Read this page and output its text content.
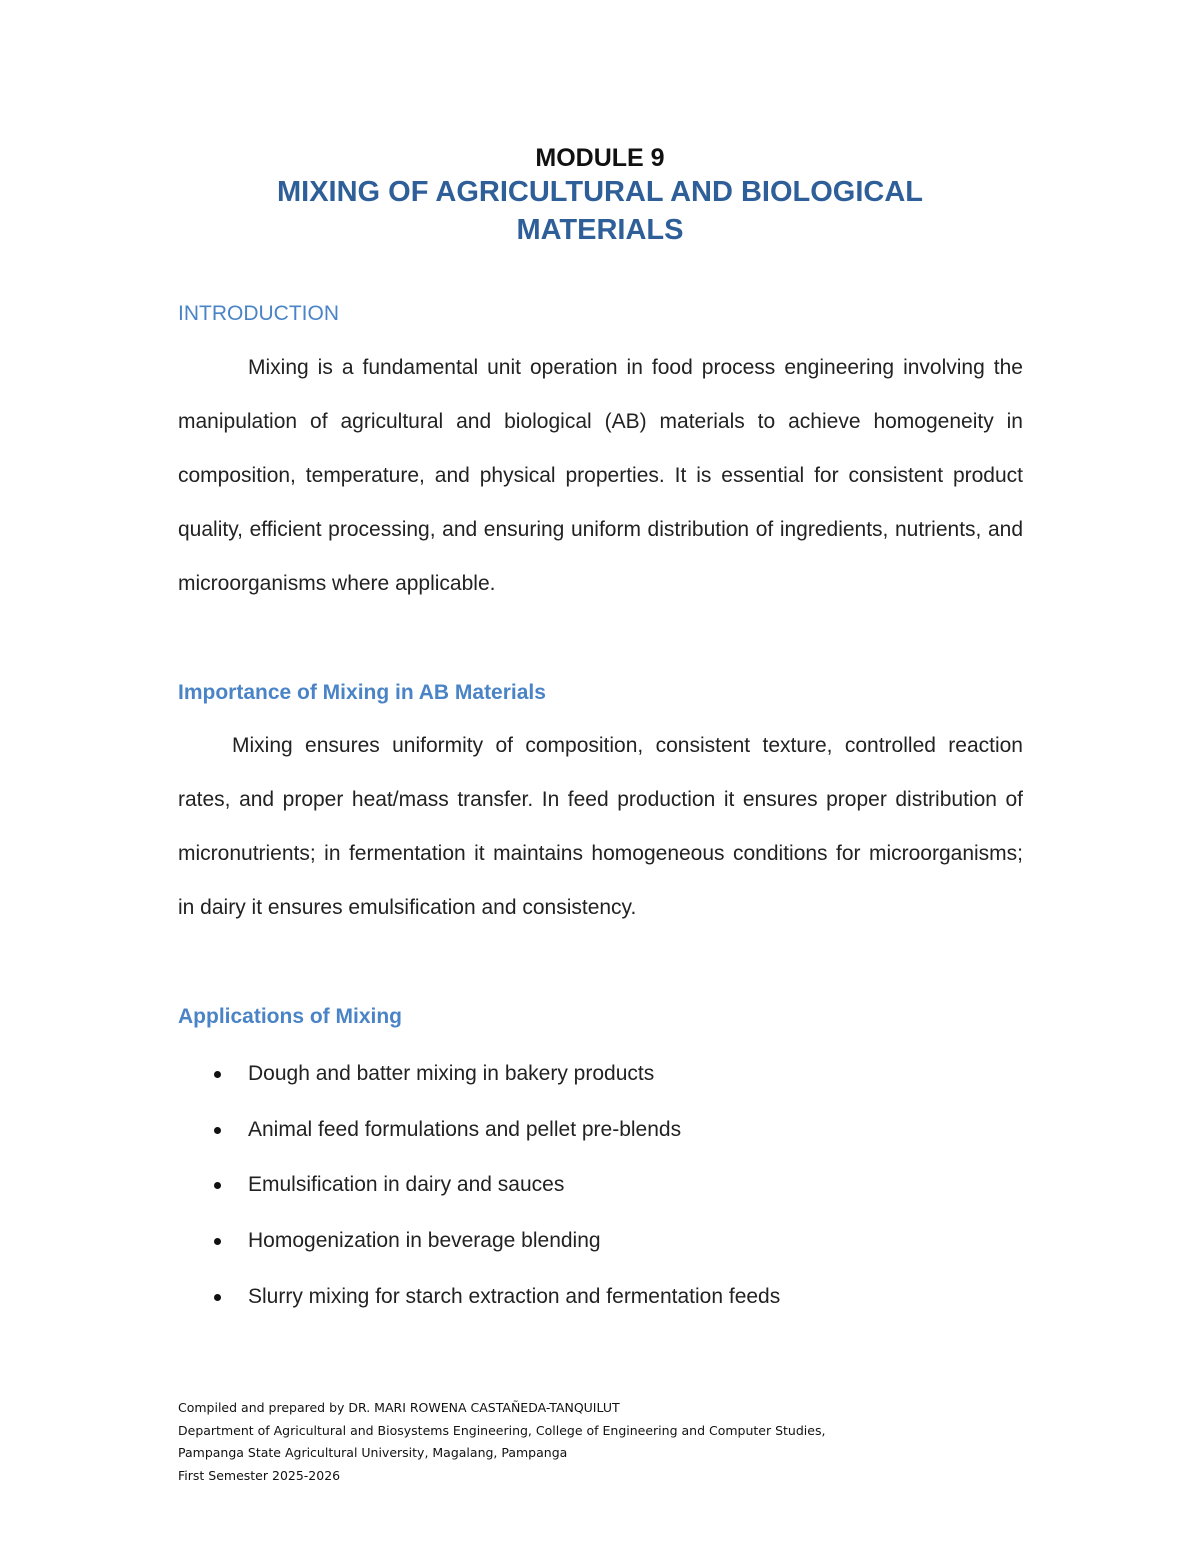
MODULE 9
MIXING OF AGRICULTURAL AND BIOLOGICAL MATERIALS
INTRODUCTION

Mixing is a fundamental unit operation in food process engineering involving the manipulation of agricultural and biological (AB) materials to achieve homogeneity in composition, temperature, and physical properties. It is essential for consistent product quality, efficient processing, and ensuring uniform distribution of ingredients, nutrients, and microorganisms where applicable.

Importance of Mixing in AB Materials

Mixing ensures uniformity of composition, consistent texture, controlled reaction rates, and proper heat/mass transfer. In feed production it ensures proper distribution of micronutrients; in fermentation it maintains homogeneous conditions for microorganisms; in dairy it ensures emulsification and consistency.

Applications of Mixing
Dough and batter mixing in bakery products
Animal feed formulations and pellet pre-blends
Emulsification in dairy and sauces
Homogenization in beverage blending
Slurry mixing for starch extraction and fermentation feeds
Compiled and prepared by DR. MARI ROWENA CASTAÑEDA-TANQUILUT
Department of Agricultural and Biosystems Engineering, College of Engineering and Computer Studies,
Pampanga State Agricultural University, Magalang, Pampanga
First Semester 2025-2026
